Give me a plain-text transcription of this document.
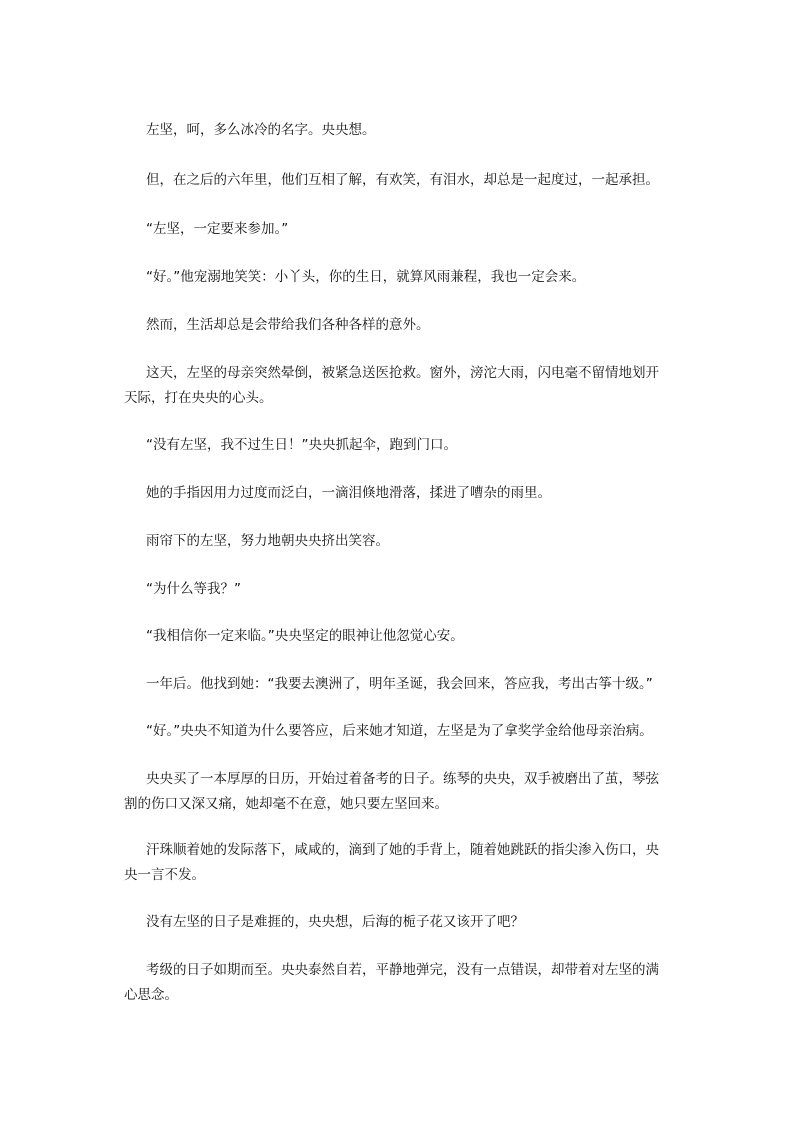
左坚，呵，多么冰冷的名字。央央想。

但，在之后的六年里，他们互相了解，有欢笑，有泪水，却总是一起度过，一起承担。

“左坚，一定要来参加。”

“好。”他宠溺地笑笑：小丫头，你的生日，就算风雨兼程，我也一定会来。

然而，生活却总是会带给我们各种各样的意外。

这天，左坚的母亲突然晕倒，被紧急送医抢救。窗外，滂沱大雨，闪电毫不留情地划开
天际，打在央央的心头。

“没有左坚，我不过生日！”央央抓起伞，跑到门口。

她的手指因用力过度而泛白，一滴泪倏地滑落，揉进了嘈杂的雨里。

雨帘下的左坚，努力地朝央央挤出笑容。

“为什么等我？”

“我相信你一定来临。”央央坚定的眼神让他忽觉心安。

一年后。他找到她：“我要去澳洲了，明年圣诞，我会回来，答应我，考出古筝十级。”

“好。”央央不知道为什么要答应，后来她才知道，左坚是为了拿奖学金给他母亲治病。

央央买了一本厚厚的日历，开始过着备考的日子。练琴的央央，双手被磨出了茧，琴弦
割的伤口又深又痛，她却毫不在意，她只要左坚回来。

汗珠顺着她的发际落下，咸咸的，滴到了她的手背上，随着她跳跃的指尖渗入伤口，央
央一言不发。

没有左坚的日子是难捱的，央央想，后海的栀子花又该开了吧？

考级的日子如期而至。央央泰然自若，平静地弹完，没有一点错误，却带着对左坚的满
心思念。
